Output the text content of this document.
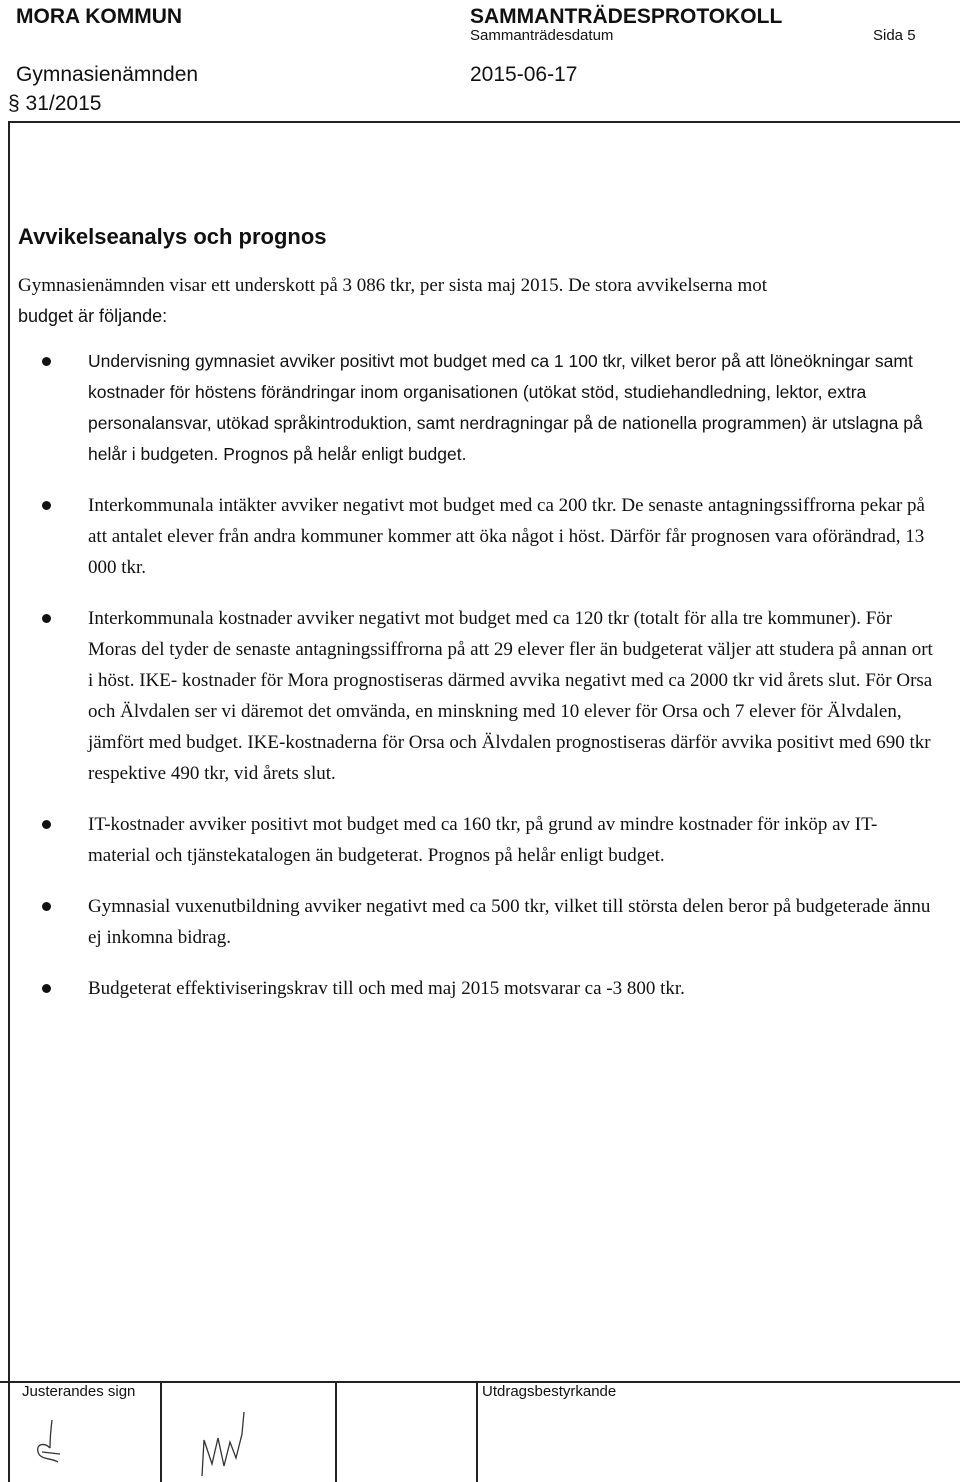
MORA KOMMUN	SAMMANTRÄDESPROTOKOLL
Sammanträdesdatum	Sida 5
Gymnasienämnden	2015-06-17
§ 31/2015
Avvikelseanalys och prognos
Gymnasienämnden visar ett underskott på 3 086 tkr, per sista maj 2015. De stora avvikelserna mot
budget är följande:
Undervisning gymnasiet avviker positivt mot budget med ca 1 100 tkr, vilket beror på att löneökningar samt kostnader för höstens förändringar inom organisationen (utökat stöd, studiehandledning, lektor, extra personalansvar, utökad språkintroduktion, samt nerdragningar på de nationella programmen) är utslagna på helår i budgeten. Prognos på helår enligt budget.
Interkommunala intäkter avviker negativt mot budget med ca 200 tkr. De senaste antagningssiffrorna pekar på att antalet elever från andra kommuner kommer att öka något i höst. Därför får prognosen vara oförändrad, 13 000 tkr.
Interkommunala kostnader avviker negativt mot budget med ca 120 tkr (totalt för alla tre kommuner). För Moras del tyder de senaste antagningssiffrorna på att 29 elever fler än budgeterat väljer att studera på annan ort i höst. IKE- kostnader för Mora prognostiseras därmed avvika negativt med ca 2000 tkr vid årets slut. För Orsa och Älvdalen ser vi däremot det omvända, en minskning med 10 elever för Orsa och 7 elever för Älvdalen, jämfört med budget. IKE-kostnaderna för Orsa och Älvdalen prognostiseras därför avvika positivt med 690 tkr respektive 490 tkr, vid årets slut.
IT-kostnader avviker positivt mot budget med ca 160 tkr, på grund av mindre kostnader för inköp av IT-material och tjänstekatalogen än budgeterat. Prognos på helår enligt budget.
Gymnasial vuxenutbildning avviker negativt med ca 500 tkr, vilket till största delen beror på budgeterade ännu ej inkomna bidrag.
Budgeterat effektiviseringskrav till och med maj 2015 motsvarar ca -3 800 tkr.
Justerandes sign	Utdragsbestyrkande
